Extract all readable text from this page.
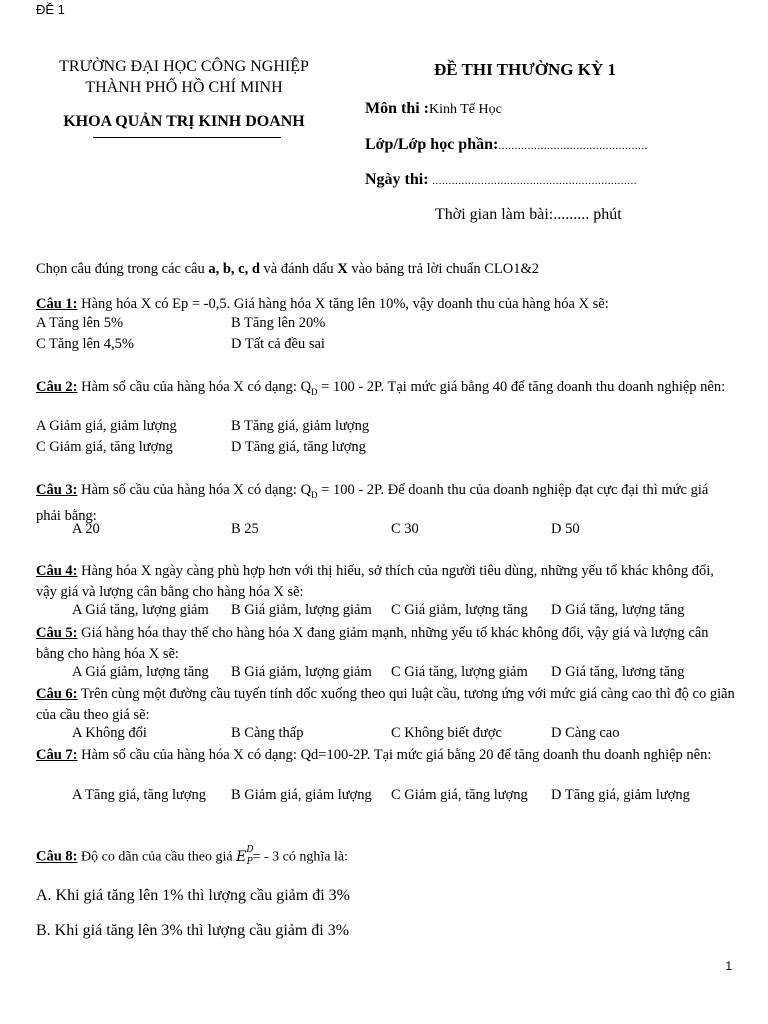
ĐỀ 1
TRƯỜNG ĐẠI HỌC CÔNG NGHIỆP
THÀNH PHỐ HỒ CHÍ MINH
KHOA QUẢN TRỊ KINH DOANH
ĐỀ THI THƯỜNG KỲ 1
Môn thi :Kinh Tế Học
Lớp/Lớp học phần:..............................................
Ngày thi: ...............................................................
Thời gian làm bài:......... phút
Chọn câu đúng trong các câu a, b, c, d và đánh dấu X vào bảng trả lời chuẩn CLO1&2
Câu 1: Hàng hóa X có Ep = -0,5. Giá hàng hóa X tăng lên 10%, vậy doanh thu của hàng hóa X sẽ:
A Tăng lên 5%	B Tăng lên 20%
C Tăng lên 4,5%	D Tất cả đều sai
Câu 2: Hàm số cầu của hàng hóa X có dạng: $Q_D = 100 - 2P$. Tại mức giá bằng 40 để tăng doanh thu doanh nghiệp nên:
A Giảm giá, giảm lượng	B Tăng giá, giảm lượng
C Giảm giá, tăng lượng	D Tăng giá, tăng lượng
Câu 3: Hàm số cầu của hàng hóa X có dạng: $Q_D = 100 - 2P$. Để doanh thu của doanh nghiệp đạt cực đại thì mức giá phải bằng:
A 20	B 25	C 30	D 50
Câu 4: Hàng hóa X ngày càng phù hợp hơn với thị hiếu, sở thích của người tiêu dùng, những yếu tố khác không đổi, vậy giá và lượng cân bằng cho hàng hóa X sẽ:
A Giá tăng, lượng giảm B Giá giảm, lượng giảm C Giá giảm, lượng tăng D Giá tăng, lượng tăng
Câu 5: Giá hàng hóa thay thế cho hàng hóa X đang giảm mạnh, những yếu tố khác không đổi, vậy giá và lượng cân bằng cho hàng hóa X sẽ:
A Giá giảm, lượng tăng B Giá giảm, lượng giảm C Giá tăng, lượng giảm D Giá tăng, lương tăng
Câu 6: Trên cùng một đường cầu tuyến tính dốc xuống theo qui luật cầu, tương ứng với mức giá càng cao thì độ co giãn của cầu theo giá sẽ:
A Không đổi	B Càng thấp	C Không biết được	D Càng cao
Câu 7: Hàm số cầu của hàng hóa X có dạng: Qd=100-2P. Tại mức giá bằng 20 để tăng doanh thu doanh nghiệp nên:
A Tăng giá, tăng lượng B Giảm giá, giảm lượng C Giảm giá, tăng lượng D Tăng giá, giảm lượng
Câu 8: Độ co dãn của cầu theo giá $E^D_P= - 3$ có nghĩa là:
A. Khi giá tăng lên 1% thì lượng cầu giảm đi 3%
B. Khi giá tăng lên 3% thì lượng cầu giảm đi 3%
1
